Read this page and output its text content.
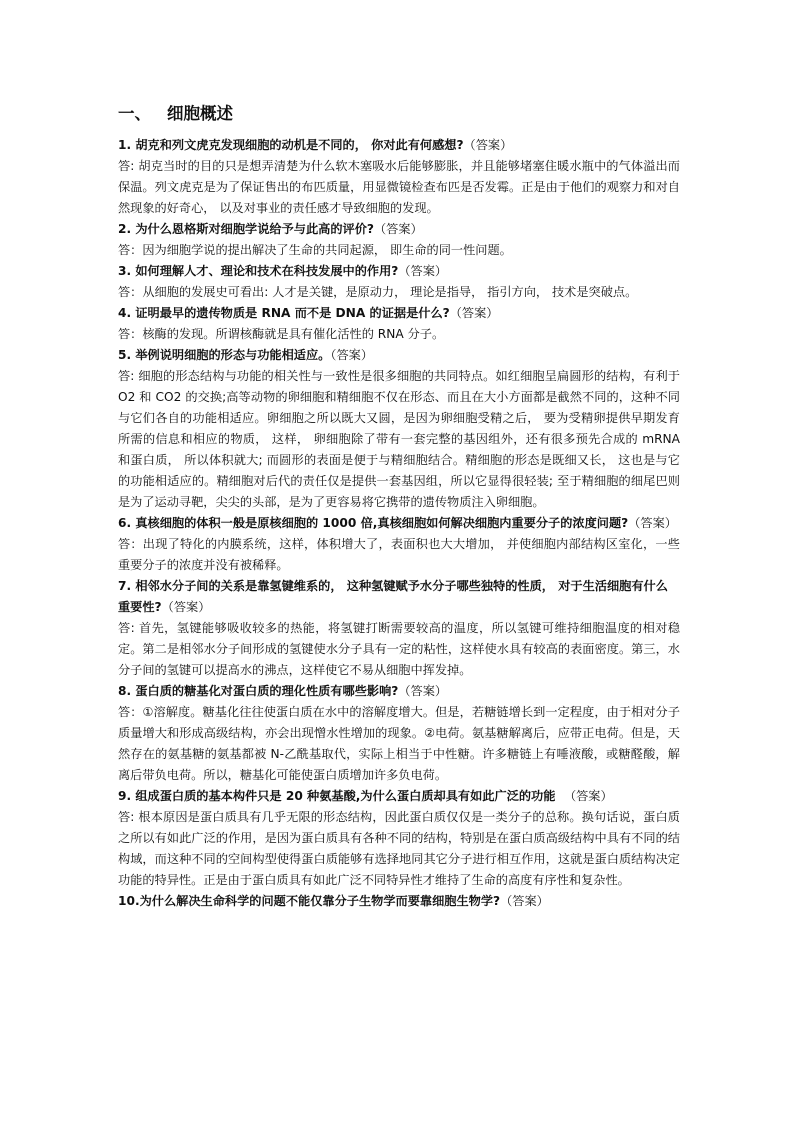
一、 细胞概述
1. 胡克和列文虎克发现细胞的动机是不同的， 你对此有何感想?（答案）
答: 胡克当时的目的只是想弄清楚为什么软木塞吸水后能够膨胀，并且能够堵塞住暖水瓶中的气体溢出而保温。列文虎克是为了保证售出的布匹质量，用显微镜检查布匹是否发霉。正是由于他们的观察力和对自然现象的好奇心， 以及对事业的责任感才导致细胞的发现。
2. 为什么恩格斯对细胞学说给予与此高的评价?（答案）
答：因为细胞学说的提出解决了生命的共同起源， 即生命的同一性问题。
3. 如何理解人才、理论和技术在科技发展中的作用?（答案）
答：从细胞的发展史可看出: 人才是关键，是原动力， 理论是指导， 指引方向， 技术是突破点。
4. 证明最早的遗传物质是 RNA 而不是 DNA 的证据是什么?（答案）
答：核酶的发现。所谓核酶就是具有催化活性的 RNA 分子。
5. 举例说明细胞的形态与功能相适应。（答案）
答: 细胞的形态结构与功能的相关性与一致性是很多细胞的共同特点。如红细胞呈扁圆形的结构，有利于 O2 和 CO2 的交换;高等动物的卵细胞和精细胞不仅在形态、而且在大小方面都是截然不同的，这种不同与它们各自的功能相适应。卵细胞之所以既大又圆，是因为卵细胞受精之后， 要为受精卵提供早期发育所需的信息和相应的物质， 这样， 卵细胞除了带有一套完整的基因组外，还有很多预先合成的 mRNA 和蛋白质， 所以体积就大; 而圆形的表面是便于与精细胞结合。精细胞的形态是既细又长， 这也是与它的功能相适应的。精细胞对后代的责任仅是提供一套基因组，所以它显得很轻装; 至于精细胞的细尾巴则是为了运动寻靶，尖尖的头部，是为了更容易将它携带的遗传物质注入卵细胞。
6. 真核细胞的体积一般是原核细胞的 1000 倍,真核细胞如何解决细胞内重要分子的浓度问题?（答案）
答：出现了特化的内膜系统，这样，体积增大了，表面积也大大增加， 并使细胞内部结构区室化，一些重要分子的浓度并没有被稀释。
7. 相邻水分子间的关系是靠氢键维系的， 这种氢键赋予水分子哪些独特的性质， 对于生活细胞有什么重要性?（答案）
答: 首先，氢键能够吸收较多的热能，将氢键打断需要较高的温度，所以氢键可维持细胞温度的相对稳定。第二是相邻水分子间形成的氢键使水分子具有一定的粘性，这样使水具有较高的表面密度。第三，水分子间的氢键可以提高水的沸点，这样使它不易从细胞中挥发掉。
8. 蛋白质的糖基化对蛋白质的理化性质有哪些影响?（答案）
答：①溶解度。糖基化往往使蛋白质在水中的溶解度增大。但是，若糖链增长到一定程度，由于相对分子质量增大和形成高级结构，亦会出现憎水性增加的现象。②电荷。氨基糖解离后，应带正电荷。但是，天然存在的氨基糖的氨基都被 N-乙酰基取代，实际上相当于中性糖。许多糖链上有唾液酸，或糖醛酸，解离后带负电荷。所以，糖基化可能使蛋白质增加许多负电荷。
9. 组成蛋白质的基本构件只是 20 种氨基酸,为什么蛋白质却具有如此广泛的功能 （答案）
答: 根本原因是蛋白质具有几乎无限的形态结构，因此蛋白质仅仅是一类分子的总称。换句话说，蛋白质之所以有如此广泛的作用，是因为蛋白质具有各种不同的结构，特别是在蛋白质高级结构中具有不同的结构域，而这种不同的空间构型使得蛋白质能够有选择地同其它分子进行相互作用，这就是蛋白质结构决定功能的特异性。正是由于蛋白质具有如此广泛不同特异性才维持了生命的高度有序性和复杂性。
10.为什么解决生命科学的问题不能仅靠分子生物学而要靠细胞生物学?（答案）
